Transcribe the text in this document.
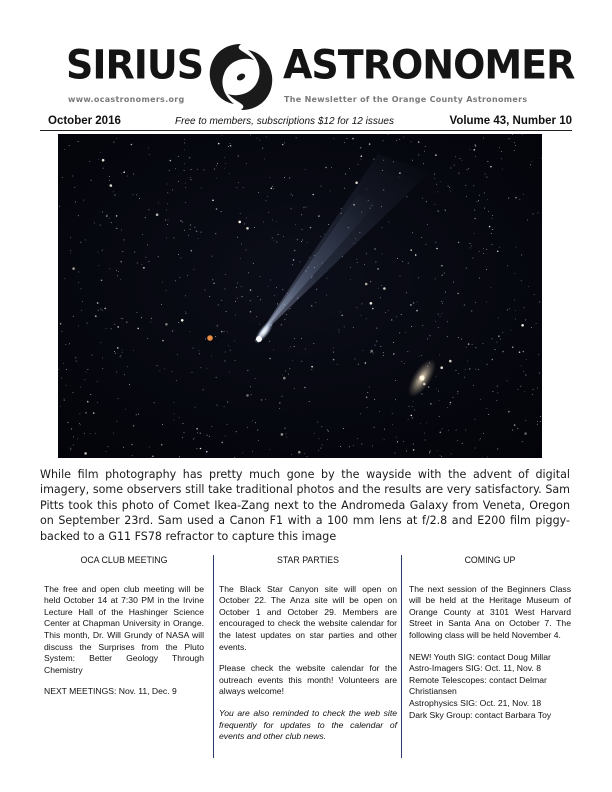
SIRIUS ASTRONOMER
www.ocastronomers.org	The Newsletter of the Orange County Astronomers
October 2016	Free to members, subscriptions $12 for 12 issues	Volume 43, Number 10

While film photography has pretty much gone by the wayside with the advent of digital imagery, some observers still take traditional photos and the results are very satisfactory. Sam Pitts took this photo of Comet Ikea-Zang next to the Andromeda Galaxy from Veneta, Oregon on September 23rd. Sam used a Canon F1 with a 100 mm lens at f/2.8 and E200 film piggy-backed to a G11 FS78 refractor to capture this image

OCA CLUB MEETING

The free and open club meeting will be held October 14 at 7:30 PM in the Irvine Lecture Hall of the Hashinger Science Center at Chapman University in Orange. This month, Dr. Will Grundy of NASA will discuss the Surprises from the Pluto System: Better Geology Through Chemistry

NEXT MEETINGS: Nov. 11, Dec. 9

STAR PARTIES

The Black Star Canyon site will open on October 22. The Anza site will be open on October 1 and October 29. Members are encouraged to check the website calendar for the latest updates on star parties and other events.

Please check the website calendar for the outreach events this month! Volunteers are always welcome!

You are also reminded to check the web site frequently for updates to the calendar of events and other club news.

COMING UP

The next session of the Beginners Class will be held at the Heritage Museum of Orange County at 3101 West Harvard Street in Santa Ana on October 7. The following class will be held November 4.

NEW! Youth SIG: contact Doug Millar
Astro-Imagers SIG: Oct. 11, Nov. 8
Remote Telescopes: contact Delmar Christiansen
Astrophysics SIG: Oct. 21, Nov. 18
Dark Sky Group: contact Barbara Toy
